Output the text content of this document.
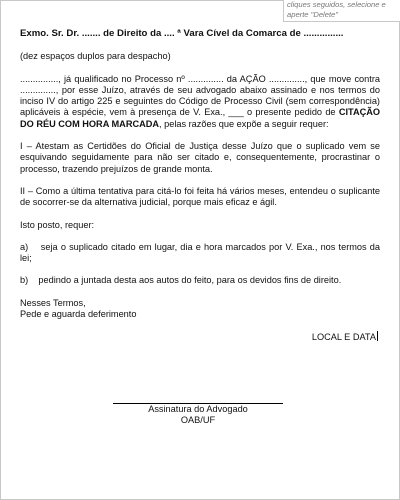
cliques seguidos, selecione e
aperte "Delete"

Exmo. Sr. Dr. ....... de Direito da .... ª Vara Cível da Comarca de ...............

(dez espaços duplos para despacho)

..............., já qualificado no Processo nº .............. da AÇÃO .............., que move contra .............., por esse Juízo, através de seu advogado abaixo assinado e nos termos do inciso IV do artigo 225 e seguintes do Código de Processo Civil (sem correspondência) aplicáveis à espécie, vem à presença de V. Exa., ___ o presente pedido de CITAÇÃO DO RÉU COM HORA MARCADA, pelas razões que expõe a seguir requer:

I – Atestam as Certidões do Oficial de Justiça desse Juízo que o suplicado vem se esquivando seguidamente para não ser citado e, consequentemente, procrastinar o processo, trazendo prejuízos de grande monta.

II – Como a última tentativa para citá-lo foi feita há vários meses, entendeu o suplicante de socorrer-se da alternativa judicial, porque mais eficaz e ágil.

Isto posto, requer:

a)    seja o suplicado citado em lugar, dia e hora marcados por V. Exa., nos termos da lei;

b)    pedindo a juntada desta aos autos do feito, para os devidos fins de direito.

Nesses Termos,

Pede e aguarda deferimento

LOCAL E DATA

Assinatura do Advogado
OAB/UF
